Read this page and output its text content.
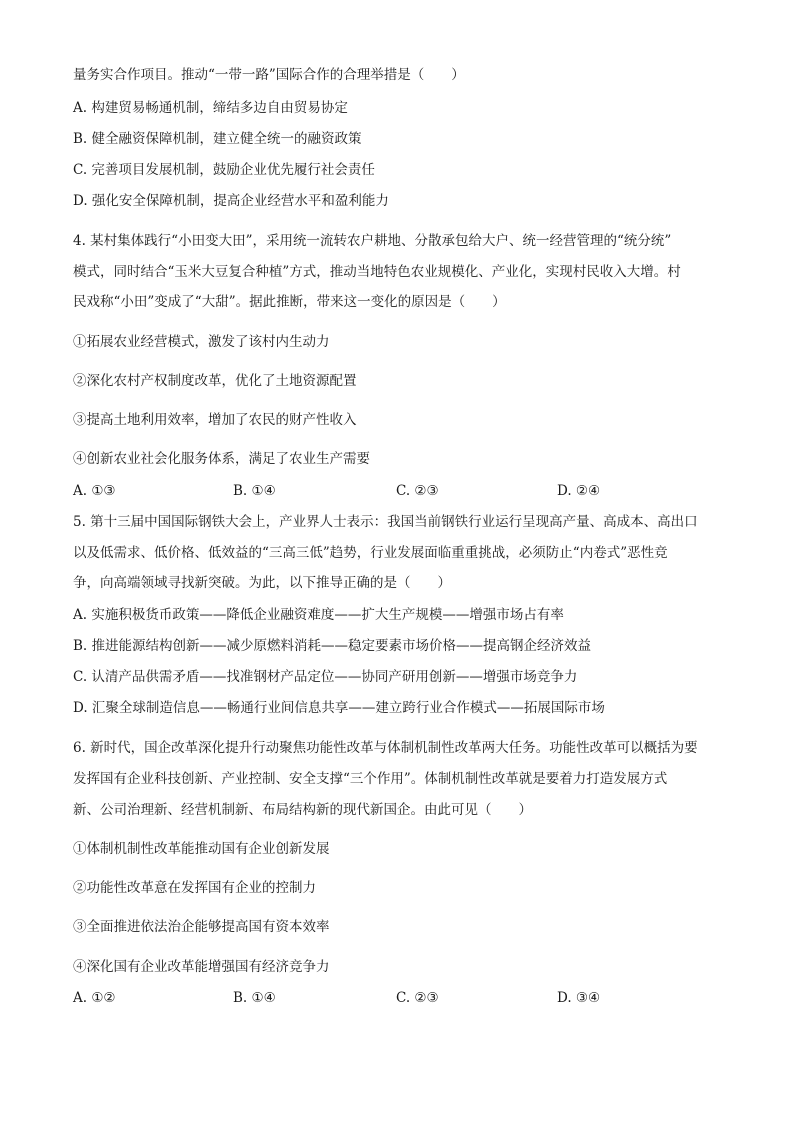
量务实合作项目。推动“一带一路”国际合作的合理举措是（　　）
A. 构建贸易畅通机制，缔结多边自由贸易协定
B. 健全融资保障机制，建立健全统一的融资政策
C. 完善项目发展机制，鼓励企业优先履行社会责任
D. 强化安全保障机制，提高企业经营水平和盈利能力
4. 某村集体践行“小田变大田”，采用统一流转农户耕地、分散承包给大户、统一经营管理的“统分统”
模式，同时结合“玉米大豆复合种植”方式，推动当地特色农业规模化、产业化，实现村民收入大增。村
民戏称“小田”变成了“大甜”。据此推断，带来这一变化的原因是（　　）
①拓展农业经营模式，激发了该村内生动力
②深化农村产权制度改革，优化了土地资源配置
③提高土地利用效率，增加了农民的财产性收入
④创新农业社会化服务体系，满足了农业生产需要
A. ①③	B. ①④	C. ②③	D. ②④
5. 第十三届中国国际钢铁大会上，产业界人士表示：我国当前钢铁行业运行呈现高产量、高成本、高出口
以及低需求、低价格、低效益的“三高三低”趋势，行业发展面临重重挑战，必须防止“内卷式”恶性竞
争，向高端领域寻找新突破。为此，以下推导正确的是（　　）
A. 实施积极货币政策——降低企业融资难度——扩大生产规模——增强市场占有率
B. 推进能源结构创新——减少原燃料消耗——稳定要素市场价格——提高钢企经济效益
C. 认清产品供需矛盾——找准钢材产品定位——协同产研用创新——增强市场竞争力
D. 汇聚全球制造信息——畅通行业间信息共享——建立跨行业合作模式——拓展国际市场
6. 新时代，国企改革深化提升行动聚焦功能性改革与体制机制性改革两大任务。功能性改革可以概括为要
发挥国有企业科技创新、产业控制、安全支撑“三个作用”。体制机制性改革就是要着力打造发展方式
新、公司治理新、经营机制新、布局结构新的现代新国企。由此可见（　　）
①体制机制性改革能推动国有企业创新发展
②功能性改革意在发挥国有企业的控制力
③全面推进依法治企能够提高国有资本效率
④深化国有企业改革能增强国有经济竞争力
A. ①②	B. ①④	C. ②③	D. ③④
